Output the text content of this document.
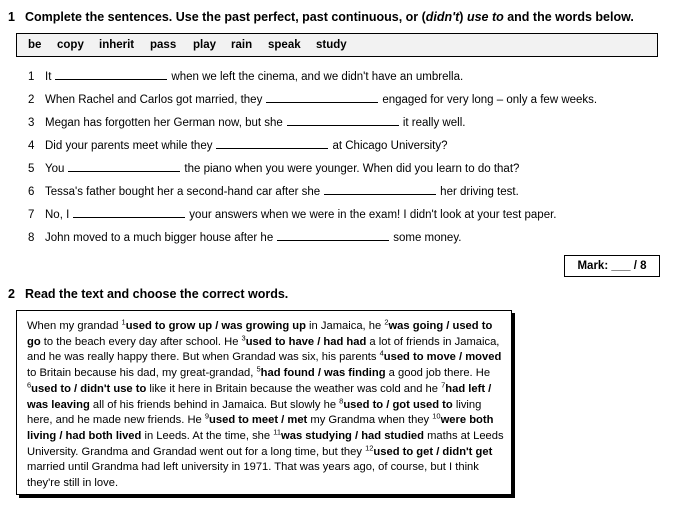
1 Complete the sentences. Use the past perfect, past continuous, or (didn't) use to and the words below.
be copy inherit pass play rain speak study
1 It	when we left the cinema, and we didn't have an umbrella.
2 When Rachel and Carlos got married, they	engaged for very long – only a few weeks.
3 Megan has forgotten her German now, but she	it really well.
4 Did your parents meet while they	at Chicago University?
5 You	the piano when you were younger. When did you learn to do that?
6 Tessa's father bought her a second-hand car after she	her driving test.
7 No, I	your answers when we were in the exam! I didn't look at your test paper.
8 John moved to a much bigger house after he	some money.
Mark: ___ / 8
2 Read the text and choose the correct words.
When my grandad $^1$used to grow up / was growing up in Jamaica, he $^2$was going / used to go to the beach every day after school. He $^3$used to have / had had a lot of friends in Jamaica, and he was really happy there. But when Grandad was six, his parents $^4$used to move / moved to Britain because his dad, my great-grandad, $^5$had found / was finding a good job there. He $^6$used to / didn't use to like it here in Britain because the weather was cold and he $^7$had left / was leaving all of his friends behind in Jamaica. But slowly he $^8$used to / got used to living here, and he made new friends. He $^9$used to meet / met my Grandma when they $^{10}$were both living / had both lived in Leeds. At the time, she $^{11}$was studying / had studied maths at Leeds University. Grandma and Grandad went out for a long time, but they $^{12}$used to get / didn't get married until Grandma had left university in 1971. That was years ago, of course, but I think they're still in love.
